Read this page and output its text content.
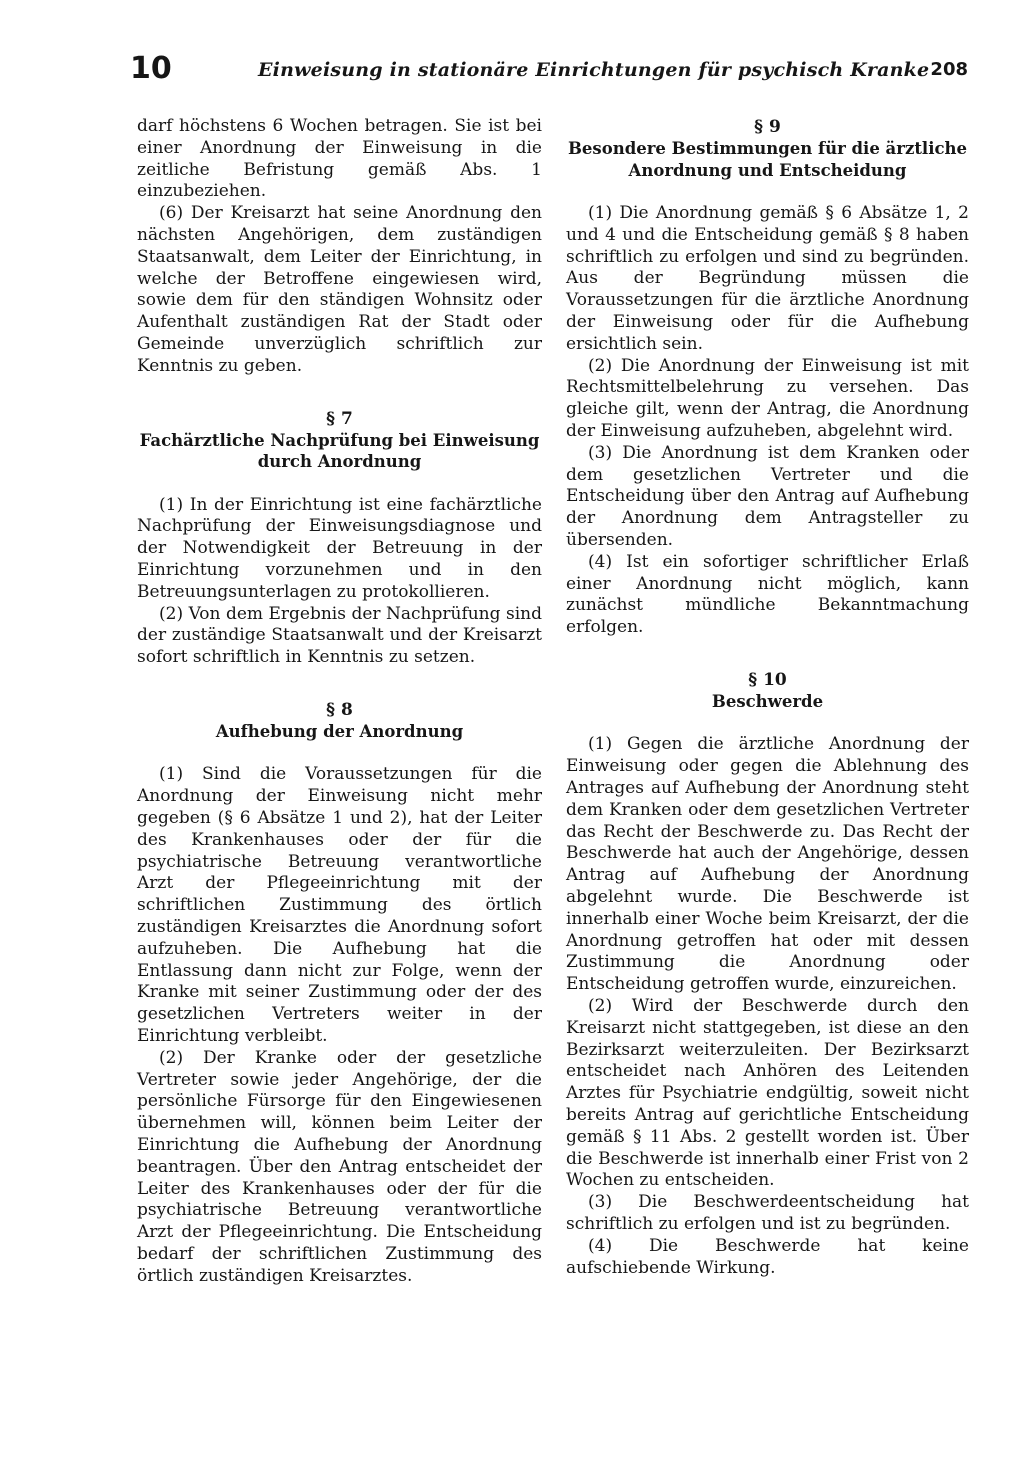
10	Einweisung in stationäre Einrichtungen für psychisch Kranke 208

darf höchstens 6 Wochen betragen. Sie ist bei einer Anordnung der Einweisung in die zeitliche Befristung gemäß Abs. 1 einzubeziehen.

(6) Der Kreisarzt hat seine Anordnung den nächsten Angehörigen, dem zuständigen Staatsanwalt, dem Leiter der Einrichtung, in welche der Betroffene eingewiesen wird, sowie dem für den ständigen Wohnsitz oder Aufenthalt zuständigen Rat der Stadt oder Gemeinde unverzüglich schriftlich zur Kenntnis zu geben.

§ 7
Fachärztliche Nachprüfung bei Einweisung durch Anordnung

(1) In der Einrichtung ist eine fachärztliche Nachprüfung der Einweisungsdiagnose und der Notwendigkeit der Betreuung in der Einrichtung vorzunehmen und in den Betreuungsunterlagen zu protokollieren.

(2) Von dem Ergebnis der Nachprüfung sind der zuständige Staatsanwalt und der Kreisarzt sofort schriftlich in Kenntnis zu setzen.

§ 8
Aufhebung der Anordnung

(1) Sind die Voraussetzungen für die Anordnung der Einweisung nicht mehr gegeben (§ 6 Absätze 1 und 2), hat der Leiter des Krankenhauses oder der für die psychiatrische Betreuung verantwortliche Arzt der Pflegeeinrichtung mit der schriftlichen Zustimmung des örtlich zuständigen Kreisarztes die Anordnung sofort aufzuheben. Die Aufhebung hat die Entlassung dann nicht zur Folge, wenn der Kranke mit seiner Zustimmung oder der des gesetzlichen Vertreters weiter in der Einrichtung verbleibt.

(2) Der Kranke oder der gesetzliche Vertreter sowie jeder Angehörige, der die persönliche Fürsorge für den Eingewiesenen übernehmen will, können beim Leiter der Einrichtung die Aufhebung der Anordnung beantragen. Über den Antrag entscheidet der Leiter des Krankenhauses oder der für die psychiatrische Betreuung verantwortliche Arzt der Pflegeeinrichtung. Die Entscheidung bedarf der schriftlichen Zustimmung des örtlich zuständigen Kreisarztes.

§ 9
Besondere Bestimmungen für die ärztliche Anordnung und Entscheidung

(1) Die Anordnung gemäß § 6 Absätze 1, 2 und 4 und die Entscheidung gemäß § 8 haben schriftlich zu erfolgen und sind zu begründen. Aus der Begründung müssen die Voraussetzungen für die ärztliche Anordnung der Einweisung oder für die Aufhebung ersichtlich sein.

(2) Die Anordnung der Einweisung ist mit Rechtsmittelbelehrung zu versehen. Das gleiche gilt, wenn der Antrag, die Anordnung der Einweisung aufzuheben, abgelehnt wird.

(3) Die Anordnung ist dem Kranken oder dem gesetzlichen Vertreter und die Entscheidung über den Antrag auf Aufhebung der Anordnung dem Antragsteller zu übersenden.

(4) Ist ein sofortiger schriftlicher Erlaß einer Anordnung nicht möglich, kann zunächst mündliche Bekanntmachung erfolgen.

§ 10
Beschwerde

(1) Gegen die ärztliche Anordnung der Einweisung oder gegen die Ablehnung des Antrages auf Aufhebung der Anordnung steht dem Kranken oder dem gesetzlichen Vertreter das Recht der Beschwerde zu. Das Recht der Beschwerde hat auch der Angehörige, dessen Antrag auf Aufhebung der Anordnung abgelehnt wurde. Die Beschwerde ist innerhalb einer Woche beim Kreisarzt, der die Anordnung getroffen hat oder mit dessen Zustimmung die Anordnung oder Entscheidung getroffen wurde, einzureichen.

(2) Wird der Beschwerde durch den Kreisarzt nicht stattgegeben, ist diese an den Bezirksarzt weiterzuleiten. Der Bezirksarzt entscheidet nach Anhören des Leitenden Arztes für Psychiatrie endgültig, soweit nicht bereits Antrag auf gerichtliche Entscheidung gemäß § 11 Abs. 2 gestellt worden ist. Über die Beschwerde ist innerhalb einer Frist von 2 Wochen zu entscheiden.

(3) Die Beschwerdeentscheidung hat schriftlich zu erfolgen und ist zu begründen.

(4) Die Beschwerde hat keine aufschiebende Wirkung.
